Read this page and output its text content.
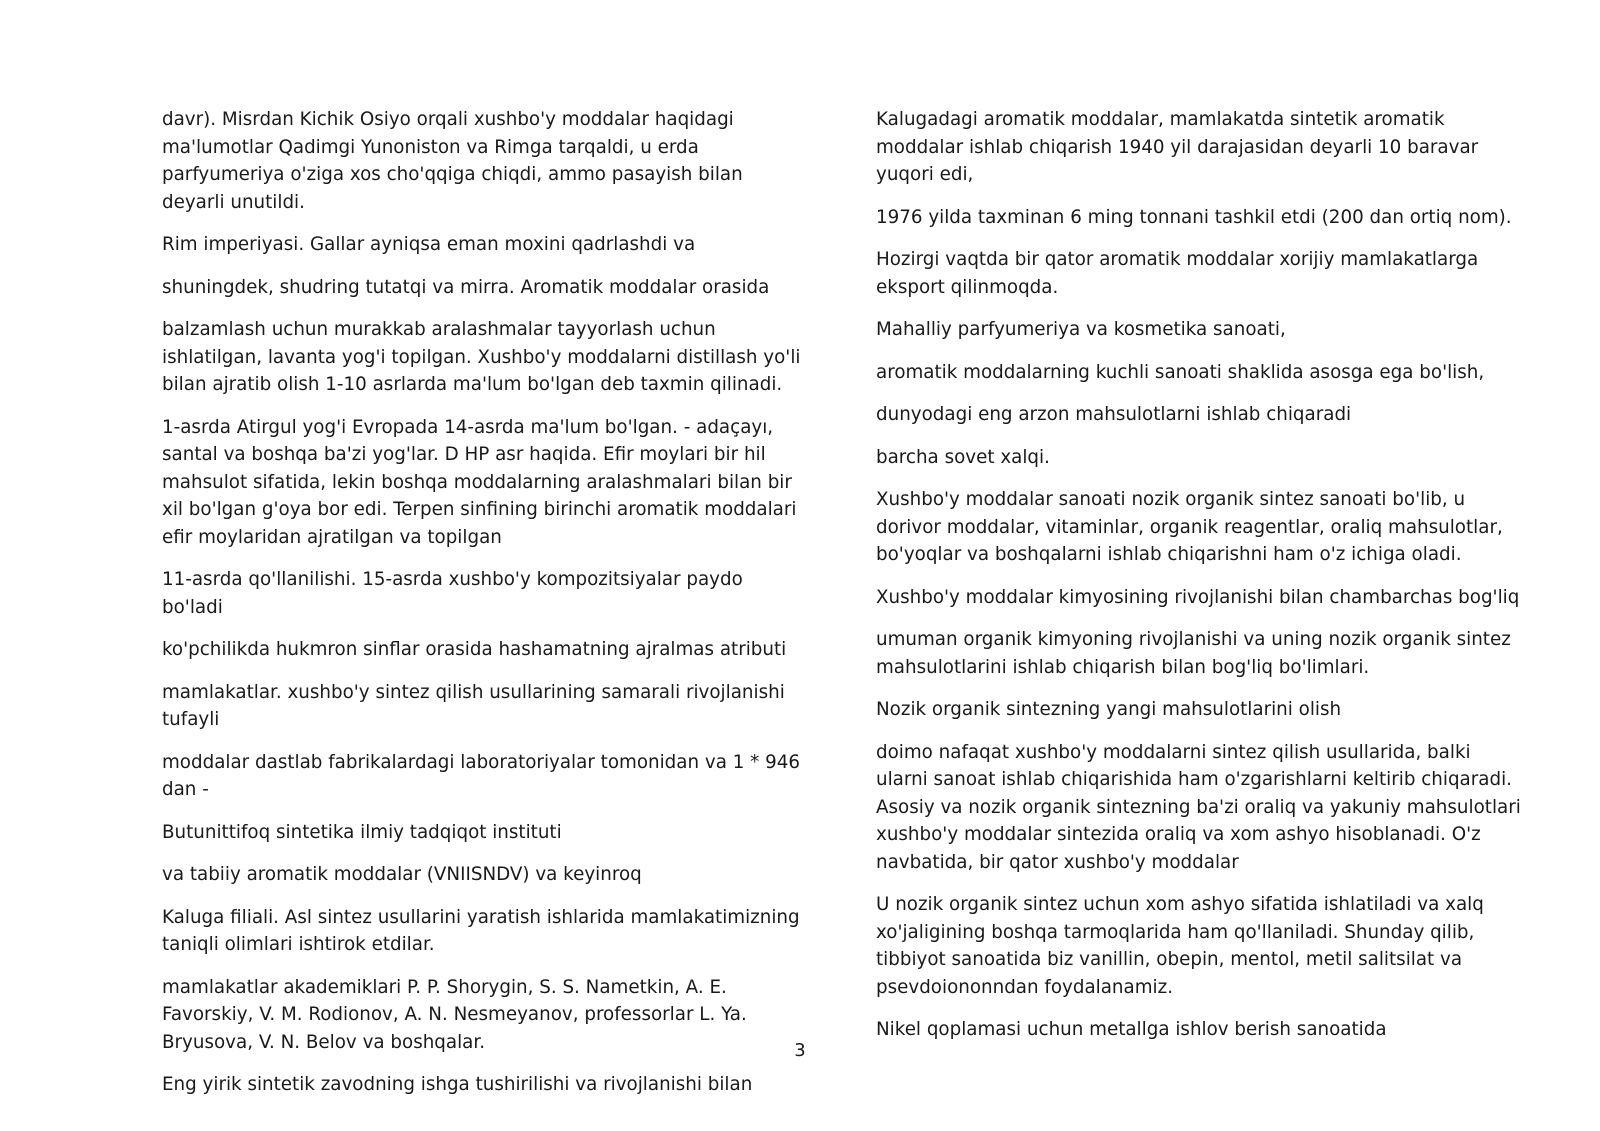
davr). Misrdan Kichik Osiyo orqali xushbo'y moddalar haqidagi ma'lumotlar Qadimgi Yunoniston va Rimga tarqaldi, u erda parfyumeriya o'ziga xos cho'qqiga chiqdi, ammo pasayish bilan deyarli unutildi.

Rim imperiyasi. Gallar ayniqsa eman moxini qadrlashdi va

shuningdek, shudring tutatqi va mirra. Aromatik moddalar orasida

balzamlash uchun murakkab aralashmalar tayyorlash uchun ishlatilgan, lavanta yog'i topilgan. Xushbo'y moddalarni distillash yo'li bilan ajratib olish 1-10 asrlarda ma'lum bo'lgan deb taxmin qilinadi.

1-asrda Atirgul yog'i Evropada 14-asrda ma'lum bo'lgan. - adaçayı, santal va boshqa ba'zi yog'lar. D HP asr haqida. Efir moylari bir hil mahsulot sifatida, lekin boshqa moddalarning aralashmalari bilan bir xil bo'lgan g'oya bor edi. Terpen sinfining birinchi aromatik moddalari efir moylaridan ajratilgan va topilgan

11-asrda qo'llanilishi. 15-asrda xushbo'y kompozitsiyalar paydo bo'ladi

ko'pchilikda hukmron sinflar orasida hashamatning ajralmas atributi

mamlakatlar. xushbo'y sintez qilish usullarining samarali rivojlanishi tufayli

moddalar dastlab fabrikalardagi laboratoriyalar tomonidan va 1 * 946 dan -

Butunittifoq sintetika ilmiy tadqiqot instituti

va tabiiy aromatik moddalar (VNIISNDV) va keyinroq

Kaluga filiali. Asl sintez usullarini yaratish ishlarida mamlakatimizning taniqli olimlari ishtirok etdilar.

mamlakatlar akademiklari P. P. Shorygin, S. S. Nametkin, A. E. Favorskiy, V. M. Rodionov, A. N. Nesmeyanov, professorlar L. Ya. Bryusova, V. N. Belov va boshqalar.

Eng yirik sintetik zavodning ishga tushirilishi va rivojlanishi bilan

Kalugadagi aromatik moddalar, mamlakatda sintetik aromatik moddalar ishlab chiqarish 1940 yil darajasidan deyarli 10 baravar yuqori edi,

1976 yilda taxminan 6 ming tonnani tashkil etdi (200 dan ortiq nom).

Hozirgi vaqtda bir qator aromatik moddalar xorijiy mamlakatlarga eksport qilinmoqda.

Mahalliy parfyumeriya va kosmetika sanoati,

aromatik moddalarning kuchli sanoati shaklida asosga ega bo'lish,

dunyodagi eng arzon mahsulotlarni ishlab chiqaradi

barcha sovet xalqi.

Xushbo'y moddalar sanoati nozik organik sintez sanoati bo'lib, u dorivor moddalar, vitaminlar, organik reagentlar, oraliq mahsulotlar, bo'yoqlar va boshqalarni ishlab chiqarishni ham o'z ichiga oladi.

Xushbo'y moddalar kimyosining rivojlanishi bilan chambarchas bog'liq

umuman organik kimyoning rivojlanishi va uning nozik organik sintez mahsulotlarini ishlab chiqarish bilan bog'liq bo'limlari.

Nozik organik sintezning yangi mahsulotlarini olish

doimo nafaqat xushbo'y moddalarni sintez qilish usullarida, balki ularni sanoat ishlab chiqarishida ham o'zgarishlarni keltirib chiqaradi. Asosiy va nozik organik sintezning ba'zi oraliq va yakuniy mahsulotlari xushbo'y moddalar sintezida oraliq va xom ashyo hisoblanadi. O'z navbatida, bir qator xushbo'y moddalar

U nozik organik sintez uchun xom ashyo sifatida ishlatiladi va xalq xo'jaligining boshqa tarmoqlarida ham qo'llaniladi. Shunday qilib, tibbiyot sanoatida biz vanillin, obepin, mentol, metil salitsilat va psevdoiononndan foydalanamiz.

Nikel qoplamasi uchun metallga ishlov berish sanoatida

3
